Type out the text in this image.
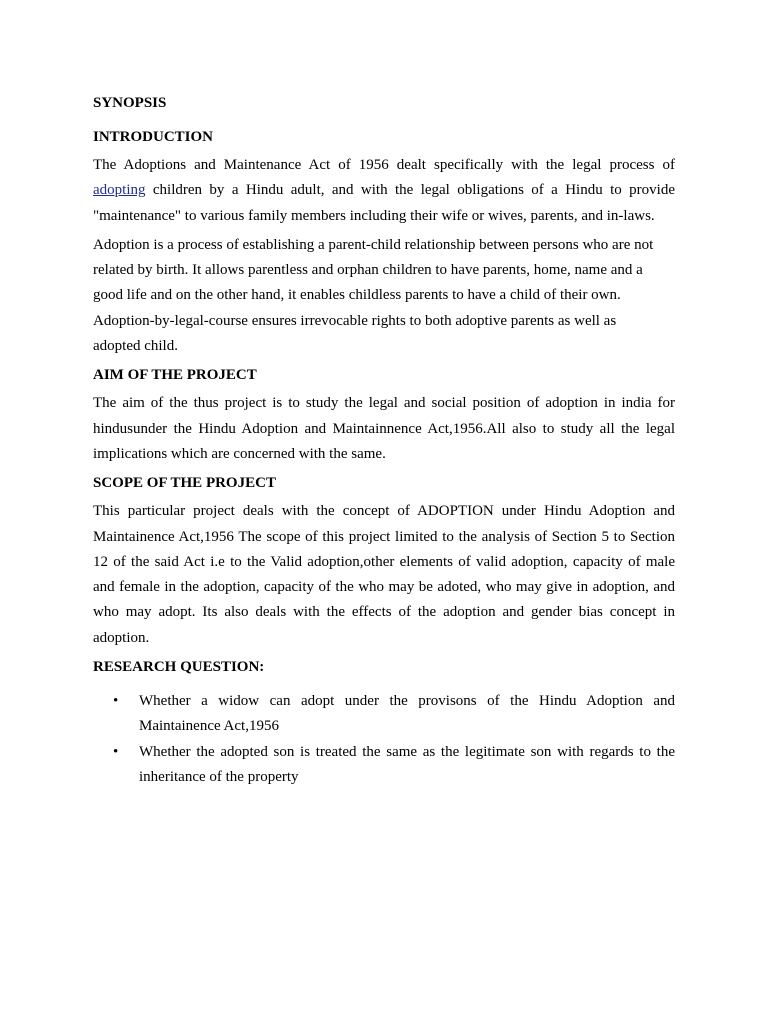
SYNOPSIS

INTRODUCTION

The Adoptions and Maintenance Act of 1956 dealt specifically with the legal process of adopting children by a Hindu adult, and with the legal obligations of a Hindu to provide "maintenance" to various family members including their wife or wives, parents, and in-laws.

Adoption is a process of establishing a parent-child relationship between persons who are not
related by birth. It allows parentless and orphan children to have parents, home, name and a
good life and on the other hand, it enables childless parents to have a child of their own.
Adoption-by-legal-course ensures irrevocable rights to both adoptive parents as well as
adopted child.

AIM OF THE PROJECT

The aim of the thus project is to study the legal and social position of adoption in india for hindusunder the Hindu Adoption and Maintainnence Act,1956.All also to study all the legal implications which are concerned with the same.

SCOPE OF THE PROJECT

This particular project deals with the concept of ADOPTION under Hindu Adoption and Maintainence Act,1956 The scope of this project limited to the analysis of Section 5 to Section 12 of the said Act i.e to the Valid adoption,other elements of valid adoption, capacity of male and female in the adoption, capacity of the who may be adoted, who may give in adoption, and who may adopt. Its also deals with the effects of the adoption and gender bias concept in adoption.

RESEARCH QUESTION:

• Whether a widow can adopt under the provisons of the Hindu Adoption and Maintainence Act,1956
• Whether the adopted son is treated the same as the legitimate son with regards to the inheritance of the property
